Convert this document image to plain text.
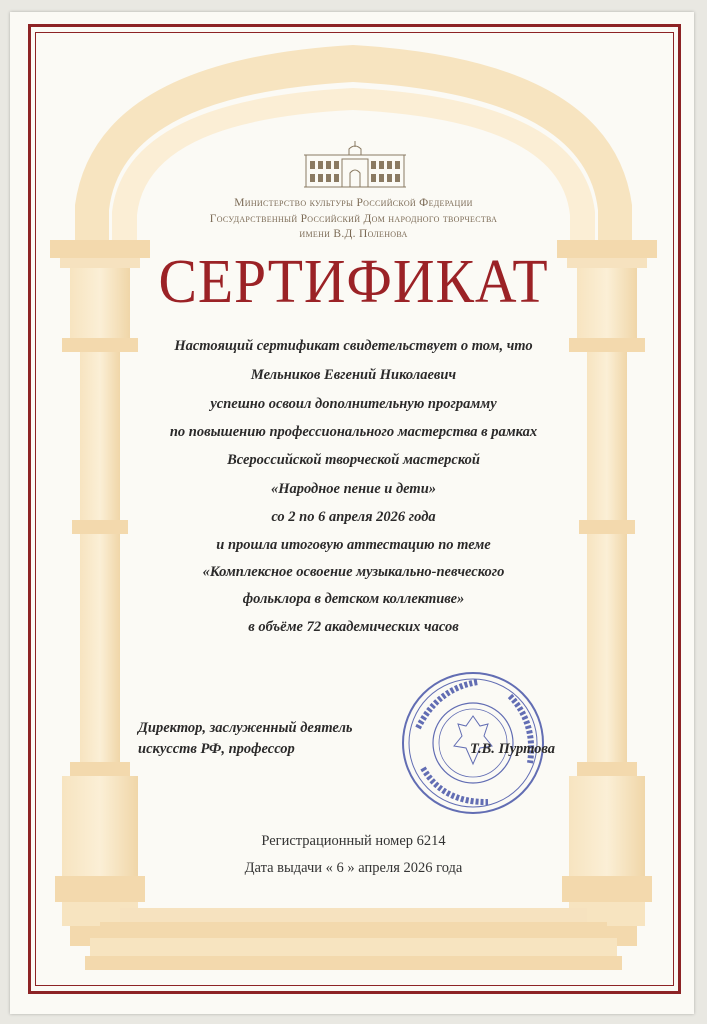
Министерство культуры Российской Федерации
Государственный Российский Дом народного творчества
имени В.Д. Поленова
СЕРТИФИКАТ
Настоящий сертификат свидетельствует о том, что
Мельников Евгений Николаевич
успешно освоил дополнительную программу
по повышению профессионального мастерства в рамках
Всероссийской творческой мастерской
«Народное пение и дети»
со 2 по 6 апреля 2026 года
и прошла итоговую аттестацию по теме
«Комплексное освоение музыкально-певческого
фольклора в детском коллективе»
в объёме 72 академических часов
Директор, заслуженный деятель
искусств РФ, профессор	Т.В. Пуртова
Регистрационный номер 6214
Дата выдачи « 6 » апреля 2026 года
